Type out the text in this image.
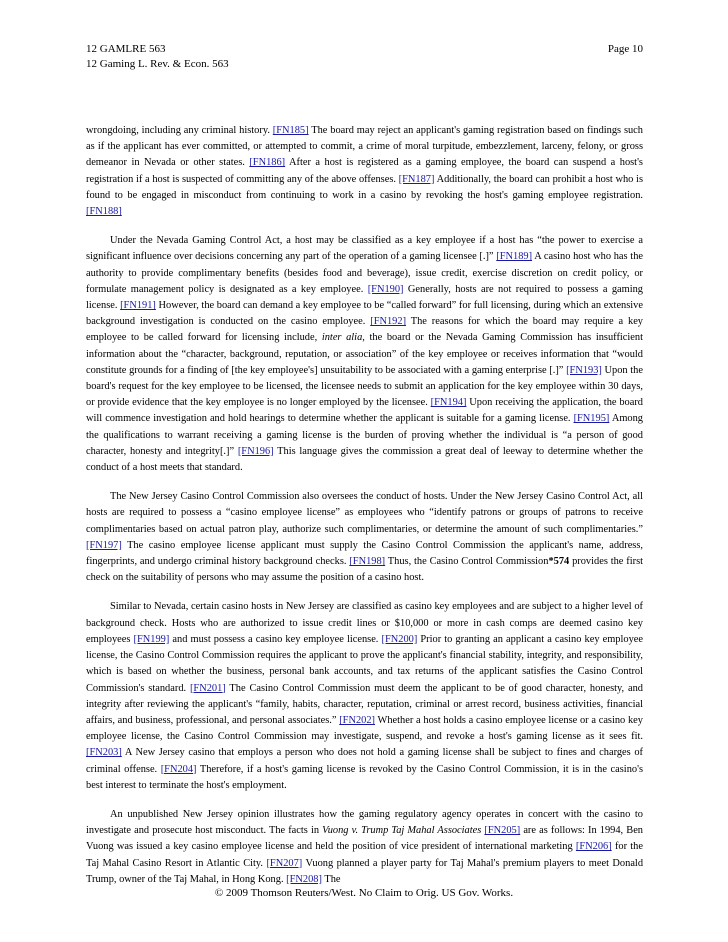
12 GAMLRE 563	Page 10
12 Gaming L. Rev. & Econ. 563

wrongdoing, including any criminal history. [FN185] The board may reject an applicant's gaming registration based on findings such as if the applicant has ever committed, or attempted to commit, a crime of moral turpitude, embezzlement, larceny, felony, or gross demeanor in Nevada or other states. [FN186] After a host is registered as a gaming employee, the board can suspend a host's registration if a host is suspected of committing any of the above offenses. [FN187] Additionally, the board can prohibit a host who is found to be engaged in misconduct from continuing to work in a casino by revoking the host's gaming employee registration. [FN188]

Under the Nevada Gaming Control Act, a host may be classified as a key employee if a host has “the power to exercise a significant influence over decisions concerning any part of the operation of a gaming licensee [.]” [FN189] A casino host who has the authority to provide complimentary benefits (besides food and beverage), issue credit, exercise discretion on credit policy, or formulate management policy is designated as a key employee. [FN190] Generally, hosts are not required to possess a gaming license. [FN191] However, the board can demand a key employee to be “called forward” for full licensing, during which an extensive background investigation is conducted on the casino employee. [FN192] The reasons for which the board may require a key employee to be called forward for licensing include, inter alia, the board or the Nevada Gaming Commission has insufficient information about the “character, background, reputation, or association” of the key employee or receives information that “would constitute grounds for a finding of [the key employee's] unsuitability to be associated with a gaming enterprise [.]” [FN193] Upon the board's request for the key employee to be licensed, the licensee needs to submit an application for the key employee within 30 days, or provide evidence that the key employee is no longer employed by the licensee. [FN194] Upon receiving the application, the board will commence investigation and hold hearings to determine whether the applicant is suitable for a gaming license. [FN195] Among the qualifications to warrant receiving a gaming license is the burden of proving whether the individual is “a person of good character, honesty and integrity[.]” [FN196] This language gives the commission a great deal of leeway to determine whether the conduct of a host meets that standard.

The New Jersey Casino Control Commission also oversees the conduct of hosts. Under the New Jersey Casino Control Act, all hosts are required to possess a “casino employee license” as employees who “identify patrons or groups of patrons to receive complimentaries based on actual patron play, authorize such complimentaries, or determine the amount of such complimentaries.” [FN197] The casino employee license applicant must supply the Casino Control Commission the applicant's name, address, fingerprints, and undergo criminal history background checks. [FN198] Thus, the Casino Control Commission*574 provides the first check on the suitability of persons who may assume the position of a casino host.

Similar to Nevada, certain casino hosts in New Jersey are classified as casino key employees and are subject to a higher level of background check. Hosts who are authorized to issue credit lines or $10,000 or more in cash comps are deemed casino key employees [FN199] and must possess a casino key employee license. [FN200] Prior to granting an applicant a casino key employee license, the Casino Control Commission requires the applicant to prove the applicant's financial stability, integrity, and responsibility, which is based on whether the business, personal bank accounts, and tax returns of the applicant satisfies the Casino Control Commission's standard. [FN201] The Casino Control Commission must deem the applicant to be of good character, honesty, and integrity after reviewing the applicant's “family, habits, character, reputation, criminal or arrest record, business activities, financial affairs, and business, professional, and personal associates.” [FN202] Whether a host holds a casino employee license or a casino key employee license, the Casino Control Commission may investigate, suspend, and revoke a host's gaming license as it sees fit. [FN203] A New Jersey casino that employs a person who does not hold a gaming license shall be subject to fines and charges of criminal offense. [FN204] Therefore, if a host's gaming license is revoked by the Casino Control Commission, it is in the casino's best interest to terminate the host's employment.

An unpublished New Jersey opinion illustrates how the gaming regulatory agency operates in concert with the casino to investigate and prosecute host misconduct. The facts in Vuong v. Trump Taj Mahal Associates [FN205] are as follows: In 1994, Ben Vuong was issued a key casino employee license and held the position of vice president of international marketing [FN206] for the Taj Mahal Casino Resort in Atlantic City. [FN207] Vuong planned a player party for Taj Mahal's premium players to meet Donald Trump, owner of the Taj Mahal, in Hong Kong. [FN208] The

© 2009 Thomson Reuters/West. No Claim to Orig. US Gov. Works.
